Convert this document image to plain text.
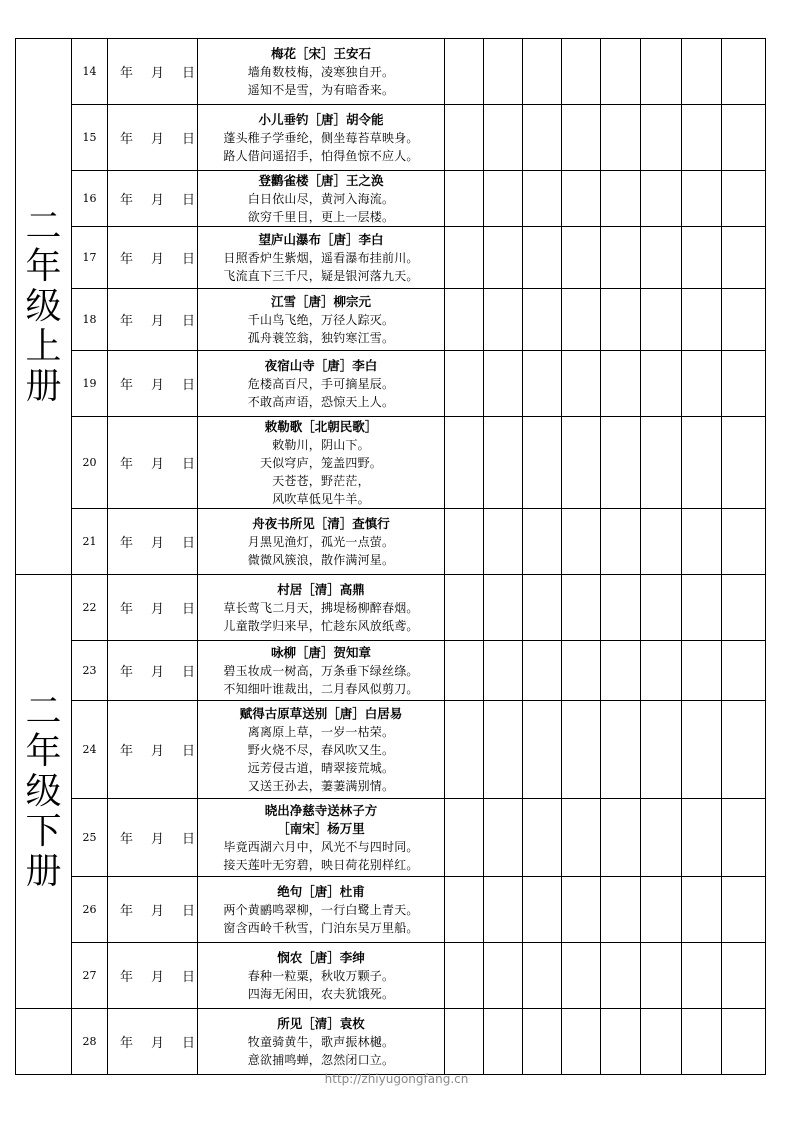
二年级上册	14	年 月 日	梅花［宋］王安石
墙角数枝梅，凌寒独自开。
遥知不是雪，为有暗香来。								

	15	年 月 日	小儿垂钓［唐］胡令能
蓬头稚子学垂纶，侧坐莓苔草映身。
路人借问遥招手，怕得鱼惊不应人。								

	16	年 月 日	登鹳雀楼［唐］王之涣
白日依山尽，黄河入海流。
欲穷千里目，更上一层楼。								

	17	年 月 日	望庐山瀑布［唐］李白
日照香炉生紫烟，遥看瀑布挂前川。
飞流直下三千尺，疑是银河落九天。								

	18	年 月 日	江雪［唐］柳宗元
千山鸟飞绝，万径人踪灭。
孤舟蓑笠翁，独钓寒江雪。								

	19	年 月 日	夜宿山寺［唐］李白
危楼高百尺，手可摘星辰。
不敢高声语，恐惊天上人。								

	20	年 月 日	敕勒歌［北朝民歌］
敕勒川，阴山下。
天似穹庐，笼盖四野。
天苍苍，野茫茫，
风吹草低见牛羊。								

	21	年 月 日	舟夜书所见［清］查慎行
月黑见渔灯，孤光一点萤。
微微风簇浪，散作满河星。								

二年级下册	22	年 月 日	村居［清］高鼎
草长莺飞二月天，拂堤杨柳醉春烟。
儿童散学归来早，忙趁东风放纸鸢。								

	23	年 月 日	咏柳［唐］贺知章
碧玉妆成一树高，万条垂下绿丝绦。
不知细叶谁裁出，二月春风似剪刀。								

	24	年 月 日	赋得古原草送别［唐］白居易
离离原上草，一岁一枯荣。
野火烧不尽，春风吹又生。
远芳侵古道，晴翠接荒城。
又送王孙去，萋萋满别情。								

	25	年 月 日	晓出净慈寺送林子方
［南宋］杨万里
毕竟西湖六月中，风光不与四时同。
接天莲叶无穷碧，映日荷花别样红。								

	26	年 月 日	绝句［唐］杜甫
两个黄鹂鸣翠柳，一行白鹭上青天。
窗含西岭千秋雪，门泊东吴万里船。								

	27	年 月 日	悯农［唐］李绅
春种一粒粟，秋收万颗子。
四海无闲田，农夫犹饿死。								

	28	年 月 日	所见［清］袁枚
牧童骑黄牛，歌声振林樾。
意欲捕鸣蝉，忽然闭口立。								

http://zhiyugongfang.cn
